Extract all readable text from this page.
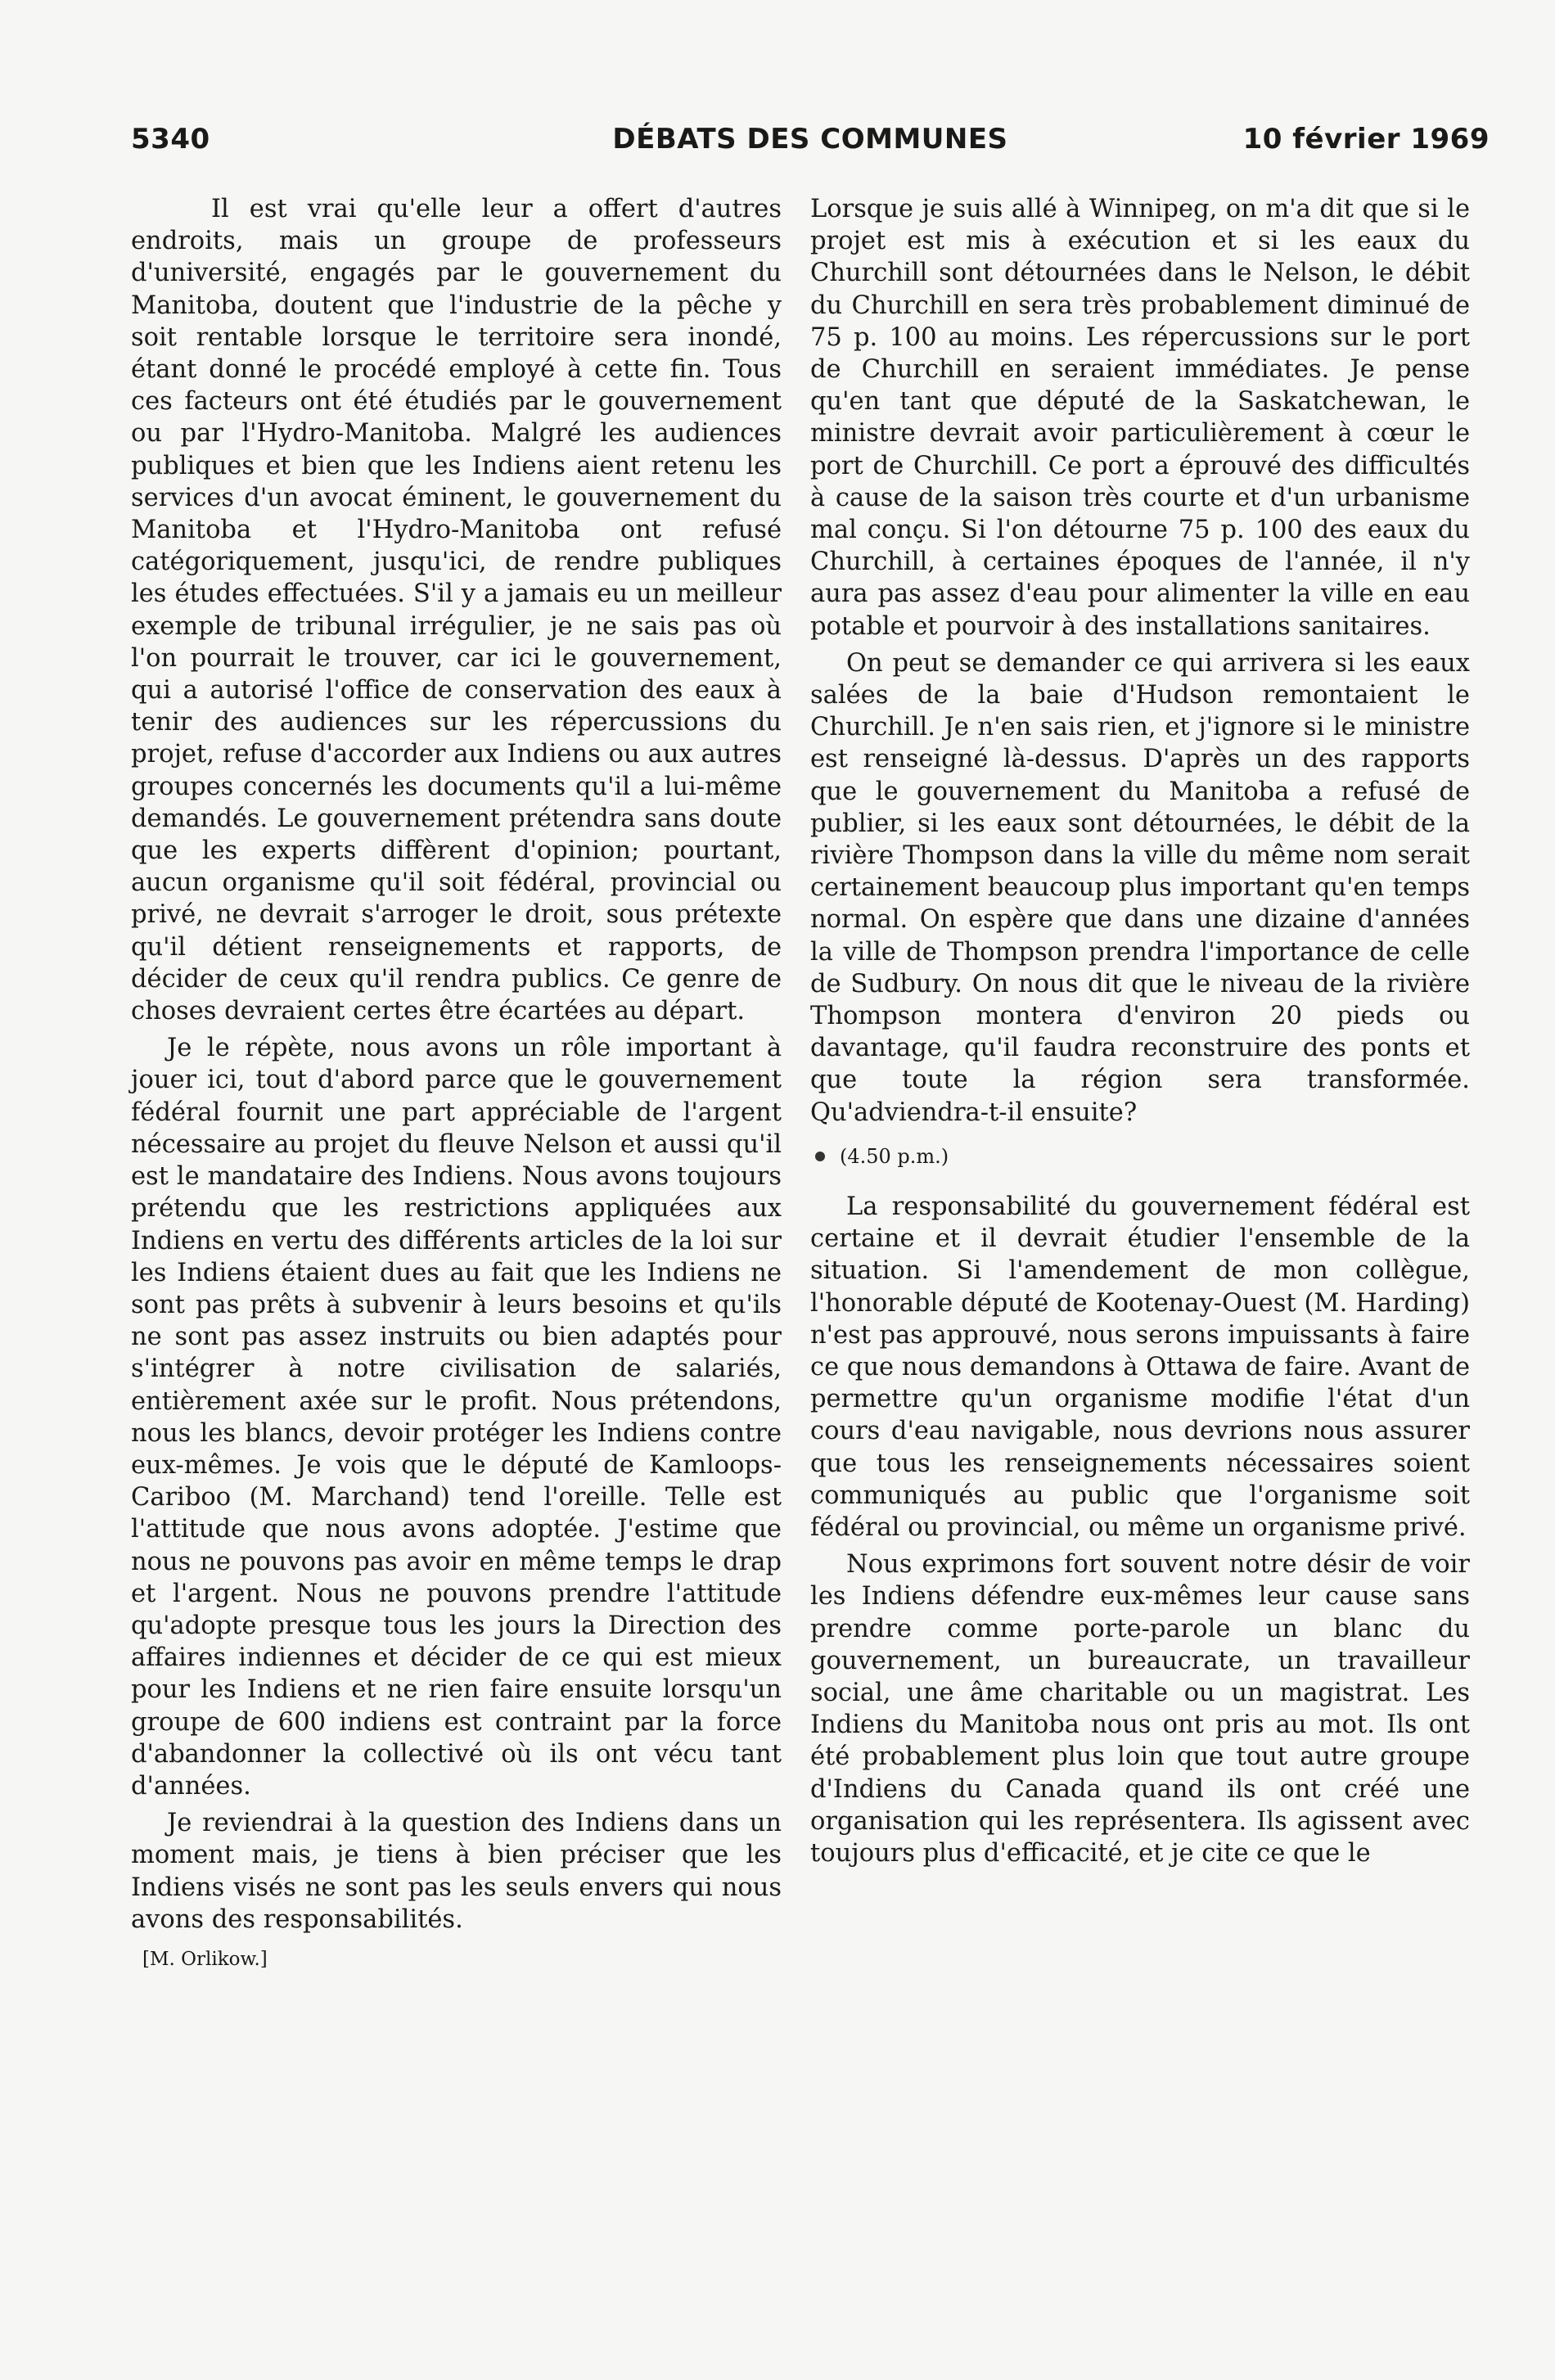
5340	DÉBATS DES COMMUNES	10 février 1969

Il est vrai qu'elle leur a offert d'autres endroits, mais un groupe de professeurs d'université, engagés par le gouvernement du Manitoba, doutent que l'industrie de la pêche y soit rentable lorsque le territoire sera inondé, étant donné le procédé employé à cette fin. Tous ces facteurs ont été étudiés par le gouvernement ou par l'Hydro-Manitoba. Malgré les audiences publiques et bien que les Indiens aient retenu les services d'un avocat éminent, le gouvernement du Manitoba et l'Hydro-Manitoba ont refusé catégoriquement, jusqu'ici, de rendre publiques les études effectuées. S'il y a jamais eu un meilleur exemple de tribunal irrégulier, je ne sais pas où l'on pourrait le trouver, car ici le gouvernement, qui a autorisé l'office de conservation des eaux à tenir des audiences sur les répercussions du projet, refuse d'accorder aux Indiens ou aux autres groupes concernés les documents qu'il a lui-même demandés. Le gouvernement prétendra sans doute que les experts diffèrent d'opinion; pourtant, aucun organisme qu'il soit fédéral, provincial ou privé, ne devrait s'arroger le droit, sous prétexte qu'il détient renseignements et rapports, de décider de ceux qu'il rendra publics. Ce genre de choses devraient certes être écartées au départ.

Je le répète, nous avons un rôle important à jouer ici, tout d'abord parce que le gouvernement fédéral fournit une part appréciable de l'argent nécessaire au projet du fleuve Nelson et aussi qu'il est le mandataire des Indiens. Nous avons toujours prétendu que les restrictions appliquées aux Indiens en vertu des différents articles de la loi sur les Indiens étaient dues au fait que les Indiens ne sont pas prêts à subvenir à leurs besoins et qu'ils ne sont pas assez instruits ou bien adaptés pour s'intégrer à notre civilisation de salariés, entièrement axée sur le profit. Nous prétendons, nous les blancs, devoir protéger les Indiens contre eux-mêmes. Je vois que le député de Kamloops-Cariboo (M. Marchand) tend l'oreille. Telle est l'attitude que nous avons adoptée. J'estime que nous ne pouvons pas avoir en même temps le drap et l'argent. Nous ne pouvons prendre l'attitude qu'adopte presque tous les jours la Direction des affaires indiennes et décider de ce qui est mieux pour les Indiens et ne rien faire ensuite lorsqu'un groupe de 600 indiens est contraint par la force d'abandonner la collectivé où ils ont vécu tant d'années.

Je reviendrai à la question des Indiens dans un moment mais, je tiens à bien préciser que les Indiens visés ne sont pas les seuls envers qui nous avons des responsabilités.

[M. Orlikow.]

Lorsque je suis allé à Winnipeg, on m'a dit que si le projet est mis à exécution et si les eaux du Churchill sont détournées dans le Nelson, le débit du Churchill en sera très probablement diminué de 75 p. 100 au moins. Les répercussions sur le port de Churchill en seraient immédiates. Je pense qu'en tant que député de la Saskatchewan, le ministre devrait avoir particulièrement à cœur le port de Churchill. Ce port a éprouvé des difficultés à cause de la saison très courte et d'un urbanisme mal conçu. Si l'on détourne 75 p. 100 des eaux du Churchill, à certaines époques de l'année, il n'y aura pas assez d'eau pour alimenter la ville en eau potable et pourvoir à des installations sanitaires.

On peut se demander ce qui arrivera si les eaux salées de la baie d'Hudson remontaient le Churchill. Je n'en sais rien, et j'ignore si le ministre est renseigné là-dessus. D'après un des rapports que le gouvernement du Manitoba a refusé de publier, si les eaux sont détournées, le débit de la rivière Thompson dans la ville du même nom serait certainement beaucoup plus important qu'en temps normal. On espère que dans une dizaine d'années la ville de Thompson prendra l'importance de celle de Sudbury. On nous dit que le niveau de la rivière Thompson montera d'environ 20 pieds ou davantage, qu'il faudra reconstruire des ponts et que toute la région sera transformée. Qu'adviendra-t-il ensuite?

(4.50 p.m.)

La responsabilité du gouvernement fédéral est certaine et il devrait étudier l'ensemble de la situation. Si l'amendement de mon collègue, l'honorable député de Kootenay-Ouest (M. Harding) n'est pas approuvé, nous serons impuissants à faire ce que nous demandons à Ottawa de faire. Avant de permettre qu'un organisme modifie l'état d'un cours d'eau navigable, nous devrions nous assurer que tous les renseignements nécessaires soient communiqués au public que l'organisme soit fédéral ou provincial, ou même un organisme privé.

Nous exprimons fort souvent notre désir de voir les Indiens défendre eux-mêmes leur cause sans prendre comme porte-parole un blanc du gouvernement, un bureaucrate, un travailleur social, une âme charitable ou un magistrat. Les Indiens du Manitoba nous ont pris au mot. Ils ont été probablement plus loin que tout autre groupe d'Indiens du Canada quand ils ont créé une organisation qui les représentera. Ils agissent avec toujours plus d'efficacité, et je cite ce que le
